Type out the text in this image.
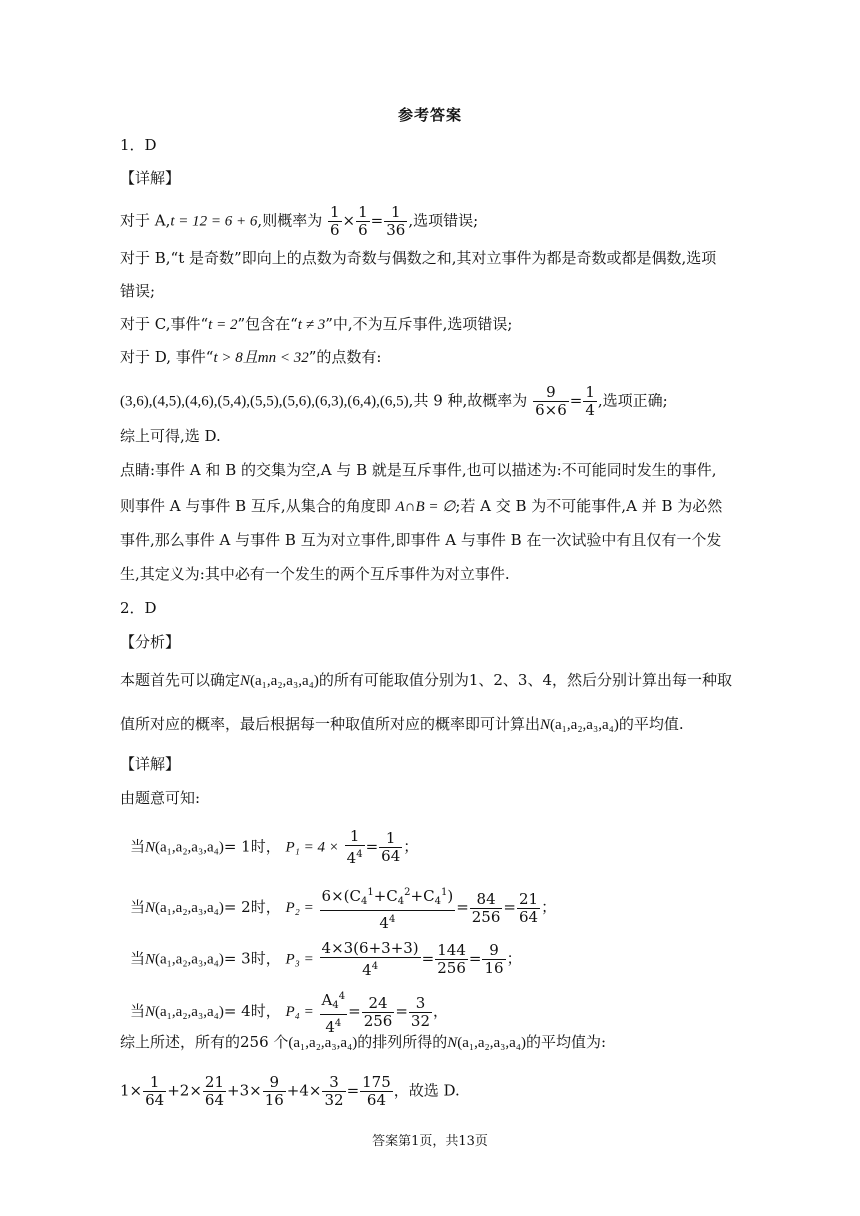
参考答案
1．D
【详解】
对于 A,t = 12 = 6 + 6,则概率为 $\frac{1}{6} \times \frac{1}{6} = \frac{1}{36}$ ,选项错误;
对于 B,“t 是奇数”即向上的点数为奇数与偶数之和,其对立事件为都是奇数或都是偶数,选项
错误;
对于 C,事件“t = 2”包含在“t ≠ 3”中,不为互斥事件,选项错误;
对于 D, 事件“t > 8且mn < 32”的点数有:
(3,6),(4,5),(4,6),(5,4),(5,5),(5,6),(6,3),(6,4),(6,5),共 9 种,故概率为 $\frac{9}{6\times 6} = \frac{1}{4}$ ,选项正确;
综上可得,选 D.
点睛:事件 A 和 B 的交集为空,A 与 B 就是互斥事件,也可以描述为:不可能同时发生的事件,
则事件 A 与事件 B 互斥,从集合的角度即 A∩B = ∅;若 A 交 B 为不可能事件,A 并 B 为必然
事件,那么事件 A 与事件 B 互为对立事件,即事件 A 与事件 B 在一次试验中有且仅有一个发
生,其定义为:其中必有一个发生的两个互斥事件为对立事件.
2．D
【分析】
本题首先可以确定N(a₁,a₂,a₃,a₄)的所有可能取值分别为1、2、3、4，然后分别计算出每一种取
值所对应的概率，最后根据每一种取值所对应的概率即可计算出N(a₁,a₂,a₃,a₄)的平均值.
【详解】
由题意可知:
当N(a₁,a₂,a₃,a₄)= 1时， $P_1 = 4 \times \frac{1}{4^4} = \frac{1}{64}$ ；
当N(a₁,a₂,a₃,a₄)= 2时， $P_2 = \frac{6\times(C_4^1+C_4^2+C_4^1)}{4^4} = \frac{84}{256} = \frac{21}{64}$ ；
当N(a₁,a₂,a₃,a₄)= 3时， $P_3 = \frac{4\times 3(6+3+3)}{4^4} = \frac{144}{256} = \frac{9}{16}$ ；
当N(a₁,a₂,a₃,a₄)= 4时， $P_4 = \frac{A_4^4}{4^4} = \frac{24}{256} = \frac{3}{32}$ ，
综上所述，所有的256 个(a₁,a₂,a₃,a₄)的排列所得的N(a₁,a₂,a₃,a₄)的平均值为:
$1\times \frac{1}{64} +2\times \frac{21}{64} +3\times \frac{9}{16} +4\times \frac{3}{32} = \frac{175}{64}$ ，故选 D.
答案第1页，共13页
